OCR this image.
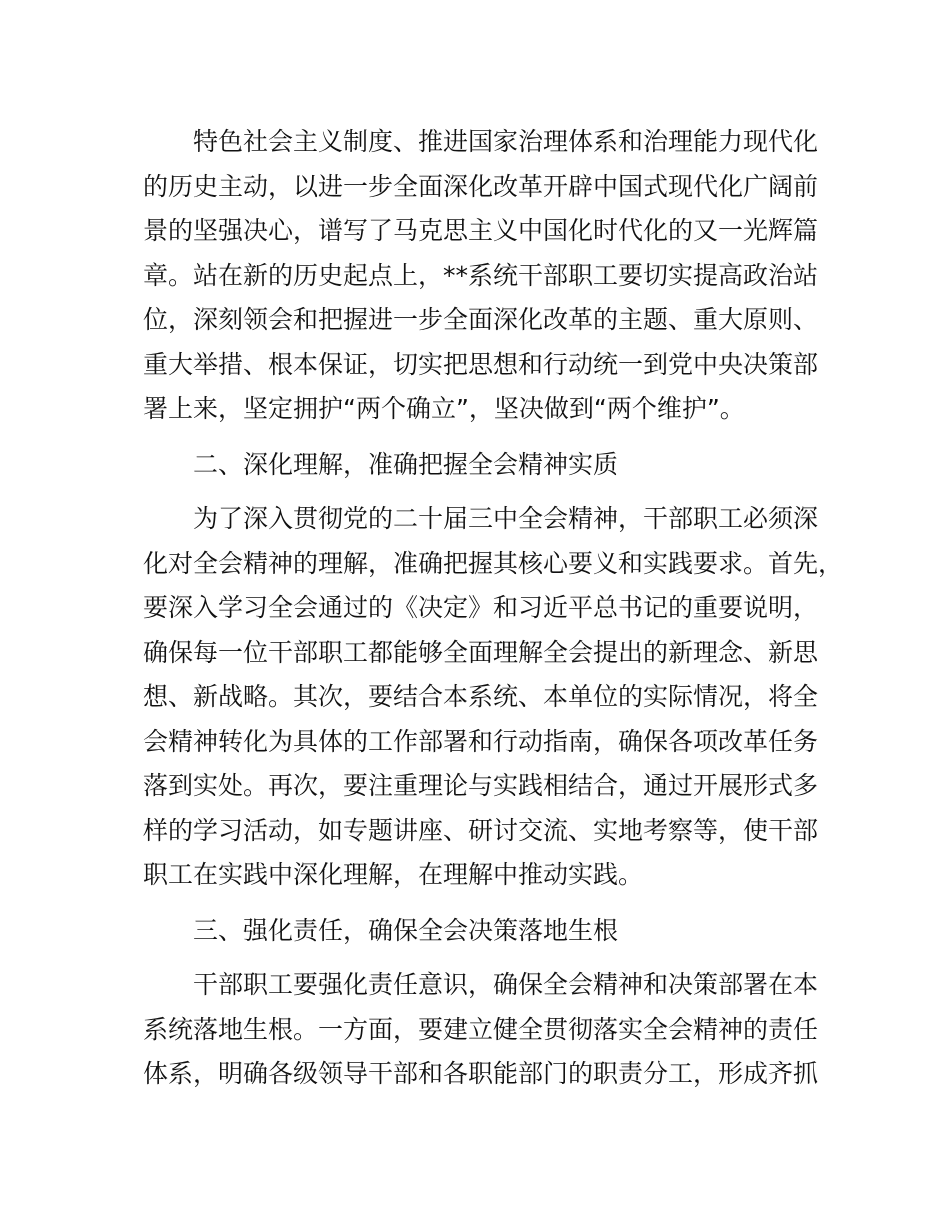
特色社会主义制度、推进国家治理体系和治理能力现代化
的历史主动，以进一步全面深化改革开辟中国式现代化广阔前
景的坚强决心，谱写了马克思主义中国化时代化的又一光辉篇
章。站在新的历史起点上，**系统干部职工要切实提高政治站
位，深刻领会和把握进一步全面深化改革的主题、重大原则、
重大举措、根本保证，切实把思想和行动统一到党中央决策部
署上来，坚定拥护“两个确立”，坚决做到“两个维护”。
二、深化理解，准确把握全会精神实质
为了深入贯彻党的二十届三中全会精神，干部职工必须深
化对全会精神的理解，准确把握其核心要义和实践要求。首先，
要深入学习全会通过的《决定》和习近平总书记的重要说明，
确保每一位干部职工都能够全面理解全会提出的新理念、新思
想、新战略。其次，要结合本系统、本单位的实际情况，将全
会精神转化为具体的工作部署和行动指南，确保各项改革任务
落到实处。再次，要注重理论与实践相结合，通过开展形式多
样的学习活动，如专题讲座、研讨交流、实地考察等，使干部
职工在实践中深化理解，在理解中推动实践。
三、强化责任，确保全会决策落地生根
干部职工要强化责任意识，确保全会精神和决策部署在本
系统落地生根。一方面，要建立健全贯彻落实全会精神的责任
体系，明确各级领导干部和各职能部门的职责分工，形成齐抓
